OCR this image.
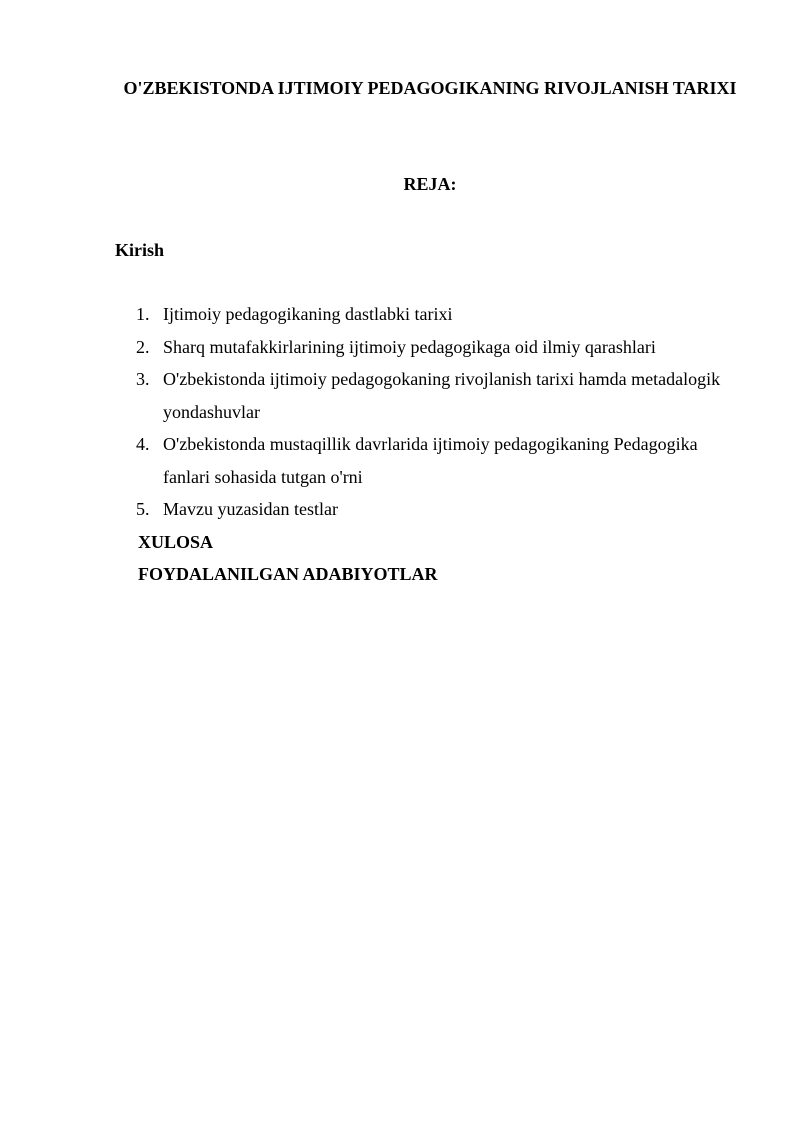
O'ZBEKISTONDA IJTIMOIY PEDAGOGIKANING RIVOJLANISH TARIXI
REJA:
Kirish
1. Ijtimoiy pedagogikaning dastlabki tarixi
2. Sharq mutafakkirlarining ijtimoiy pedagogikaga oid ilmiy qarashlari
3. O'zbekistonda ijtimoiy pedagogokaning rivojlanish tarixi hamda metadalogik yondashuvlar
4. O'zbekistonda mustaqillik davrlarida ijtimoiy pedagogikaning Pedagogika fanlari sohasida tutgan o'rni
5. Mavzu yuzasidan testlar
XULOSA
FOYDALANILGAN ADABIYOTLAR
